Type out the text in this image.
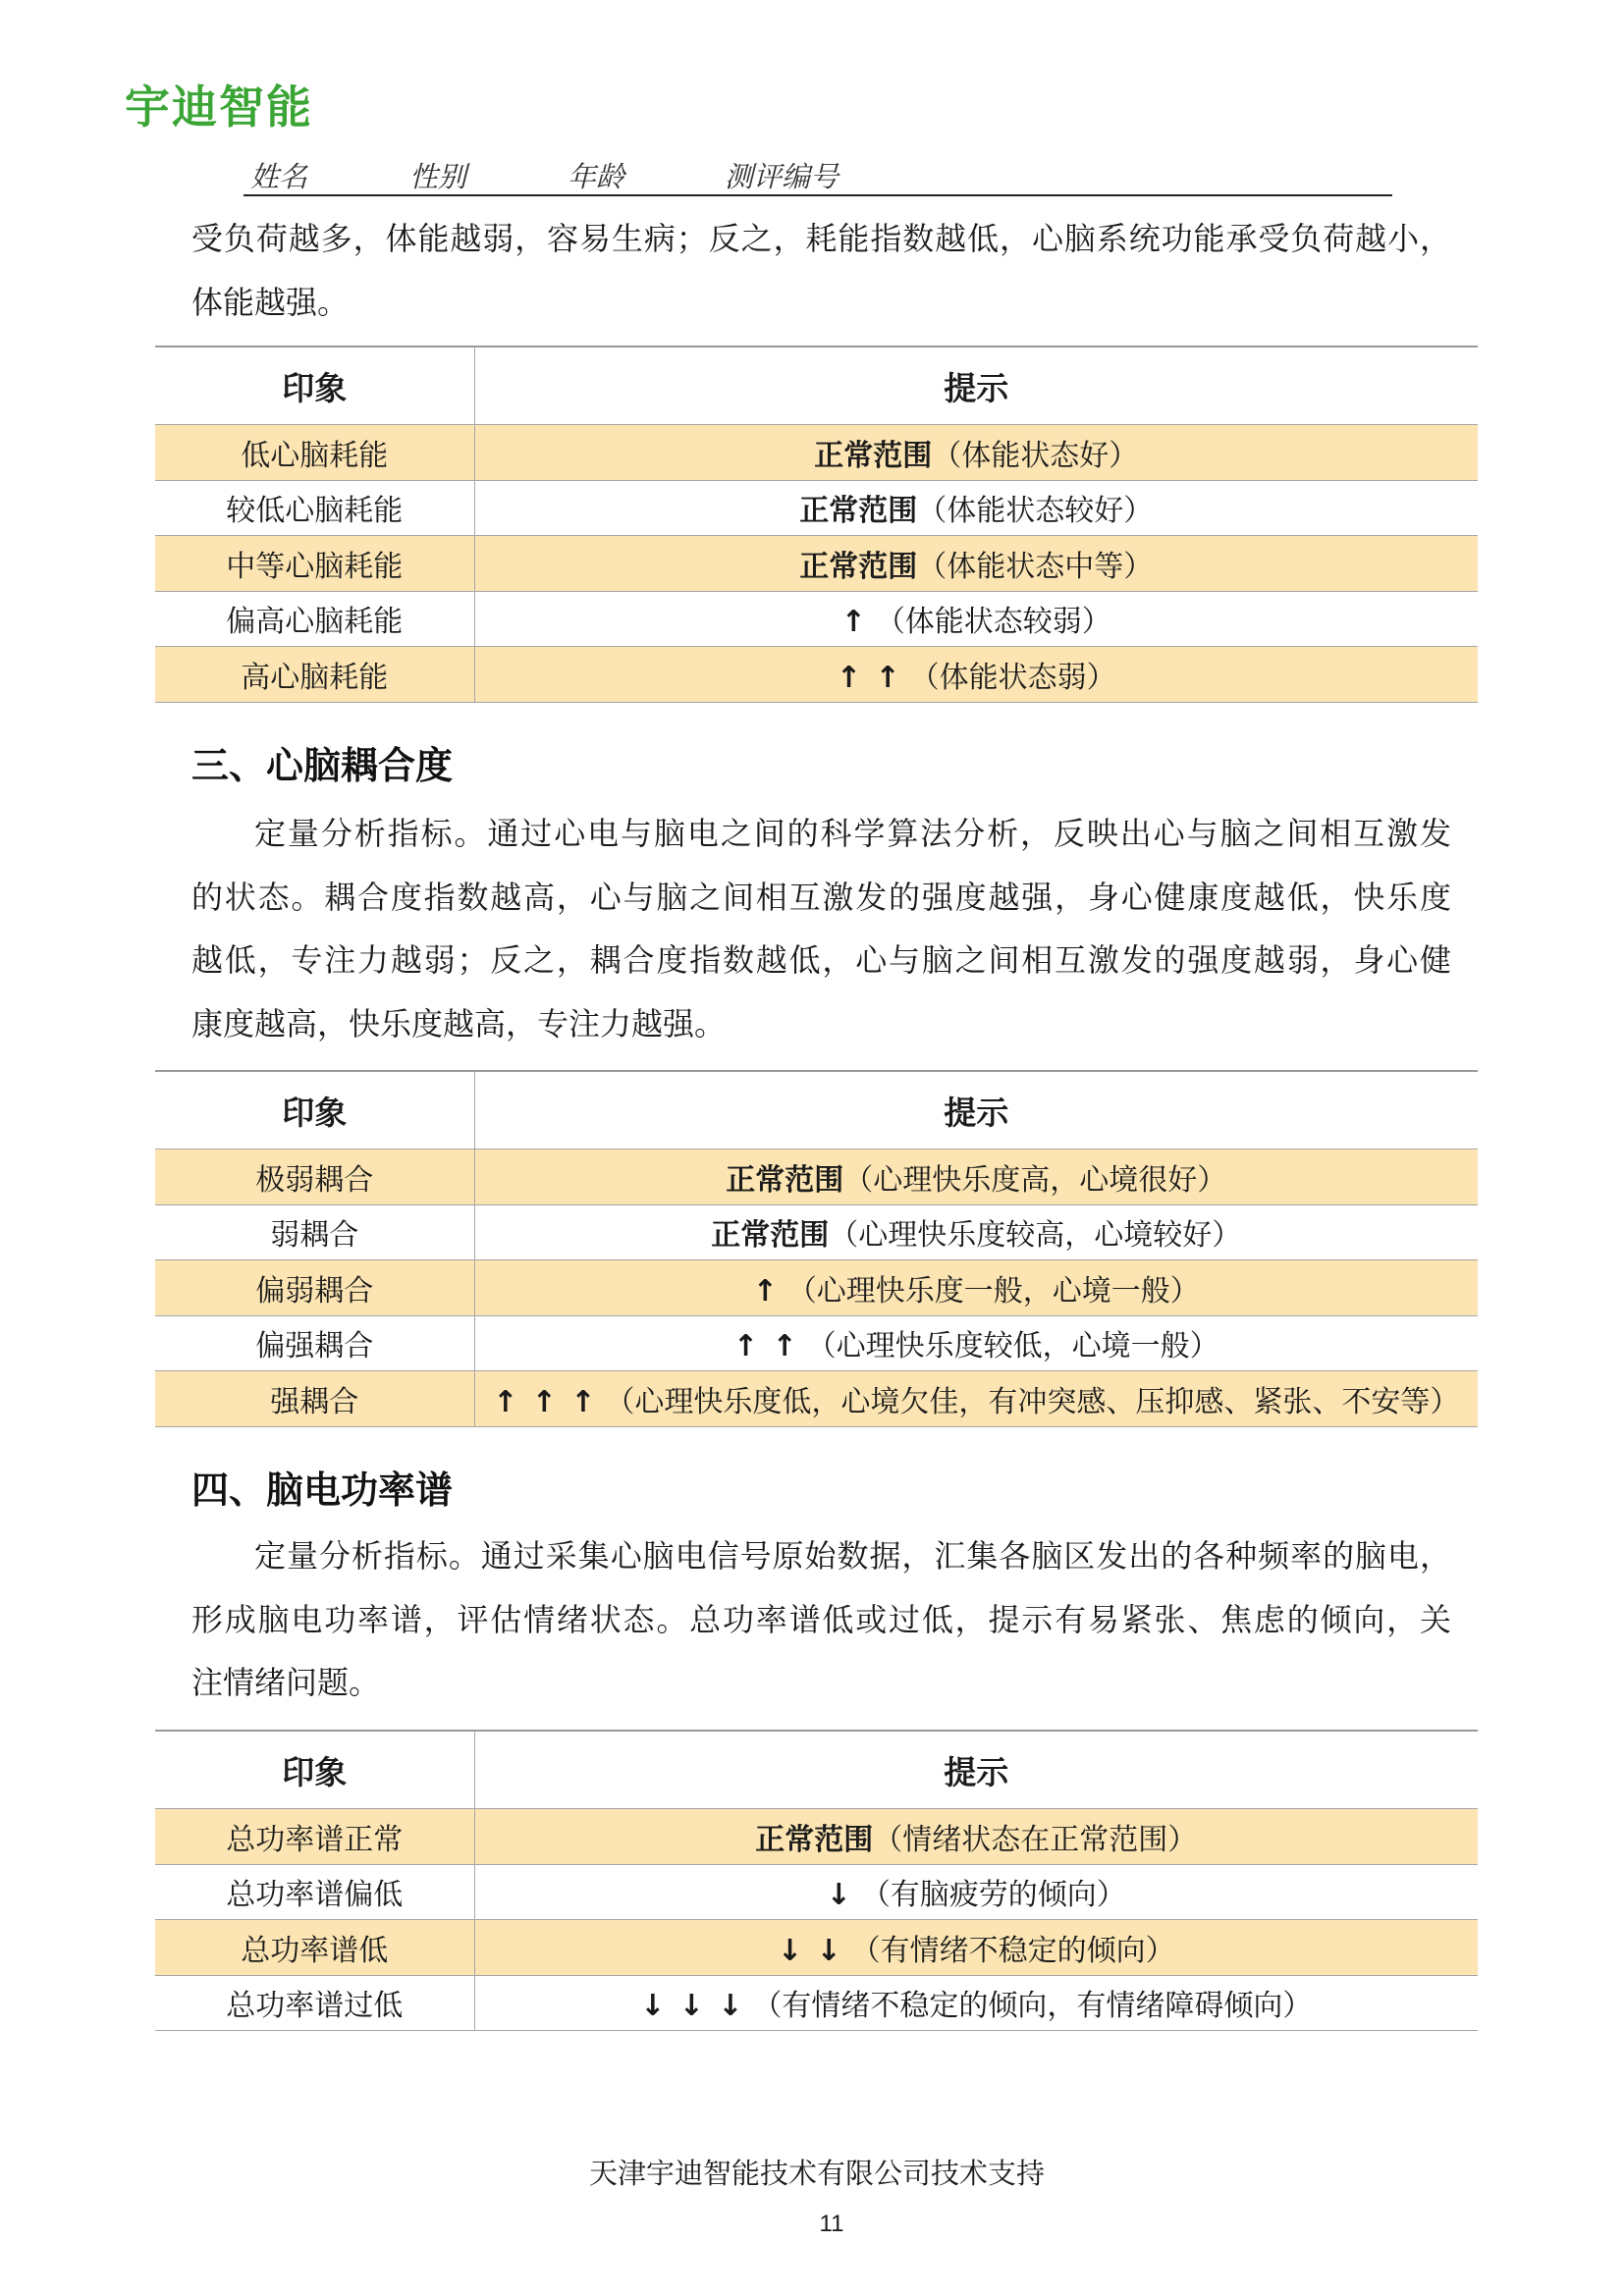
宇迪智能
姓名	性别	年龄	测评编号
受负荷越多，体能越弱，容易生病；反之，耗能指数越低，心脑系统功能承受负荷越小，
体能越强。
印象	提示
低心脑耗能	正常范围（体能状态好）
较低心脑耗能	正常范围（体能状态较好）
中等心脑耗能	正常范围（体能状态中等）
偏高心脑耗能	↑ （体能状态较弱）
高心脑耗能	↑ ↑ （体能状态弱）
三、心脑耦合度
定量分析指标。通过心电与脑电之间的科学算法分析，反映出心与脑之间相互激发
的状态。耦合度指数越高，心与脑之间相互激发的强度越强，身心健康度越低，快乐度
越低，专注力越弱；反之，耦合度指数越低，心与脑之间相互激发的强度越弱，身心健
康度越高，快乐度越高，专注力越强。
印象	提示
极弱耦合	正常范围（心理快乐度高，心境很好）
弱耦合	正常范围（心理快乐度较高，心境较好）
偏弱耦合	↑ （心理快乐度一般，心境一般）
偏强耦合	↑ ↑ （心理快乐度较低，心境一般）
强耦合	↑ ↑ ↑ （心理快乐度低，心境欠佳，有冲突感、压抑感、紧张、不安等）
四、脑电功率谱
定量分析指标。通过采集心脑电信号原始数据，汇集各脑区发出的各种频率的脑电，
形成脑电功率谱，评估情绪状态。总功率谱低或过低，提示有易紧张、焦虑的倾向，关
注情绪问题。
印象	提示
总功率谱正常	正常范围（情绪状态在正常范围）
总功率谱偏低	↓ （有脑疲劳的倾向）
总功率谱低	↓ ↓ （有情绪不稳定的倾向）
总功率谱过低	↓ ↓ ↓ （有情绪不稳定的倾向，有情绪障碍倾向）
天津宇迪智能技术有限公司技术支持
11
